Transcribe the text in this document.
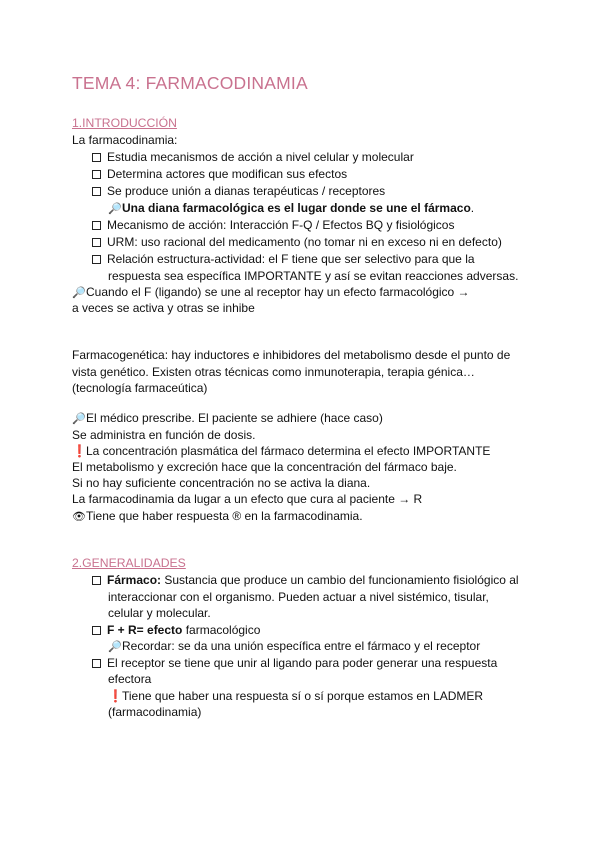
TEMA 4: FARMACODINAMIA
1.INTRODUCCIÓN
La farmacodinamia:
Estudia mecanismos de acción a nivel celular y molecular
Determina actores que modifican sus efectos
Se produce unión a dianas terapéuticas / receptores
🔎Una diana farmacológica es el lugar donde se une el fármaco.
Mecanismo de acción: Interacción F-Q / Efectos BQ y fisiológicos
URM: uso racional del medicamento (no tomar ni en exceso ni en defecto)
Relación estructura-actividad: el F tiene que ser selectivo para que la
respuesta sea específica IMPORTANTE y así se evitan reacciones adversas.
🔎Cuando el F (ligando) se une al receptor hay un efecto farmacológico →
a veces se activa y otras se inhibe
Farmacogenética: hay inductores e inhibidores del metabolismo desde el punto de
vista genético. Existen otras técnicas como inmunoterapia, terapia génica…
(tecnología farmaceútica)
🔎El médico prescribe. El paciente se adhiere (hace caso)
Se administra en función de dosis.
❗La concentración plasmática del fármaco determina el efecto IMPORTANTE
El metabolismo y excreción hace que la concentración del fármaco baje.
Si no hay suficiente concentración no se activa la diana.
La farmacodinamia da lugar a un efecto que cura al paciente → R
👁Tiene que haber respuesta ® en la farmacodinamia.
2.GENERALIDADES
Fármaco: Sustancia que produce un cambio del funcionamiento fisiológico al
interaccionar con el organismo. Pueden actuar a nivel sistémico, tisular,
celular y molecular.
F + R= efecto farmacológico
🔎Recordar: se da una unión específica entre el fármaco y el receptor
El receptor se tiene que unir al ligando para poder generar una respuesta
efectora
❗Tiene que haber una respuesta sí o sí porque estamos en LADMER
(farmacodinamia)
